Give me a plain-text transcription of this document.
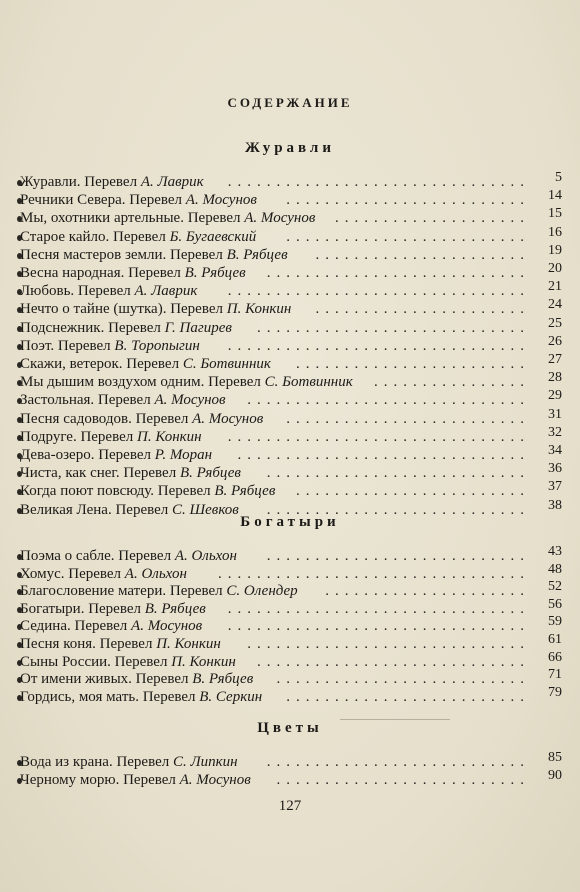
СОДЕРЖАНИЕ
Журавли
Богатыри
Цветы
Журавли. Перевел А. Лаврик	5
...............................
Речники Севера. Перевел А. Мосунов	14
.........................
Мы, охотники артельные. Перевел А. Мосунов	15
....................
Старое кайло. Перевел Б. Бугаевский	16
.........................
Песня мастеров земли. Перевел В. Рябцев	19
......................
Весна народная. Перевел В. Рябцев	20
...........................
Любовь. Перевел А. Лаврик	21
...............................
Нечто о тайне (шутка). Перевел П. Конкин	24
......................
Подснежник. Перевел Г. Пагирев	25
............................
Поэт. Перевел В. Торопыгин	26
...............................
Скажи, ветерок. Перевел С. Ботвинник	27
........................
Мы дышим воздухом одним. Перевел С. Ботвинник	28
................
Застольная. Перевел А. Мосунов	29
.............................
Песня садоводов. Перевел А. Мосунов	31
.........................
Подруге. Перевел П. Конкин	32
...............................
Дева-озеро. Перевел Р. Моран	34
..............................
Чиста, как снег. Перевел В. Рябцев	36
...........................
Когда поют повсюду. Перевел В. Рябцев	37
........................
Великая Лена. Перевел С. Шевков	38
...........................
Поэма о сабле. Перевел А. Ольхон	43
...........................
Хомус. Перевел А. Ольхон	48
................................
Благословение матери. Перевел С. Олендер	52
.....................
Богатыри. Перевел В. Рябцев	56
...............................
Седина. Перевел А. Мосунов	59
...............................
Песня коня. Перевел П. Конкин	61
.............................
Сыны России. Перевел П. Конкин	66
............................
От имени живых. Перевел В. Рябцев	71
..........................
Гордись, моя мать. Перевел В. Серкин	79
.........................
Вода из крана. Перевел С. Липкин	85
...........................
Черному морю. Перевел А. Мосунов	90
..........................
127
